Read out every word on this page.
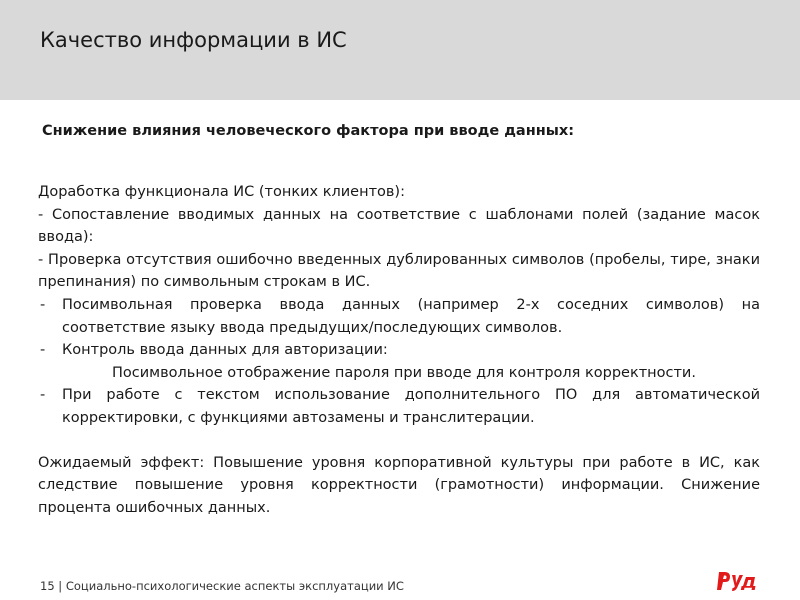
Качество информации в ИС
Снижение влияния человеческого фактора при вводе данных:

Доработка функционала ИС (тонких клиентов):

- Сопоставление вводимых данных на соответствие с шаблонами полей (задание масок ввода):

- Проверка отсутствия ошибочно введенных дублированных символов (пробелы, тире, знаки препинания) по символьным строкам в ИС.

- Посимвольная проверка ввода данных (например 2-х соседних символов) на соответствие языку ввода предыдущих/последующих символов.
- Контроль ввода данных для авторизации:

Посимвольное отображение пароля при вводе для контроля корректности.

- При работе с текстом использование дополнительного ПО для автоматической корректировки, с функциями автозамены и транслитерации.

Ожидаемый эффект: Повышение уровня корпоративной культуры при работе в ИС, как следствие повышение уровня корректности (грамотности) информации. Снижение процента ошибочных данных.

15 | Социально-психологические аспекты эксплуатации ИС
